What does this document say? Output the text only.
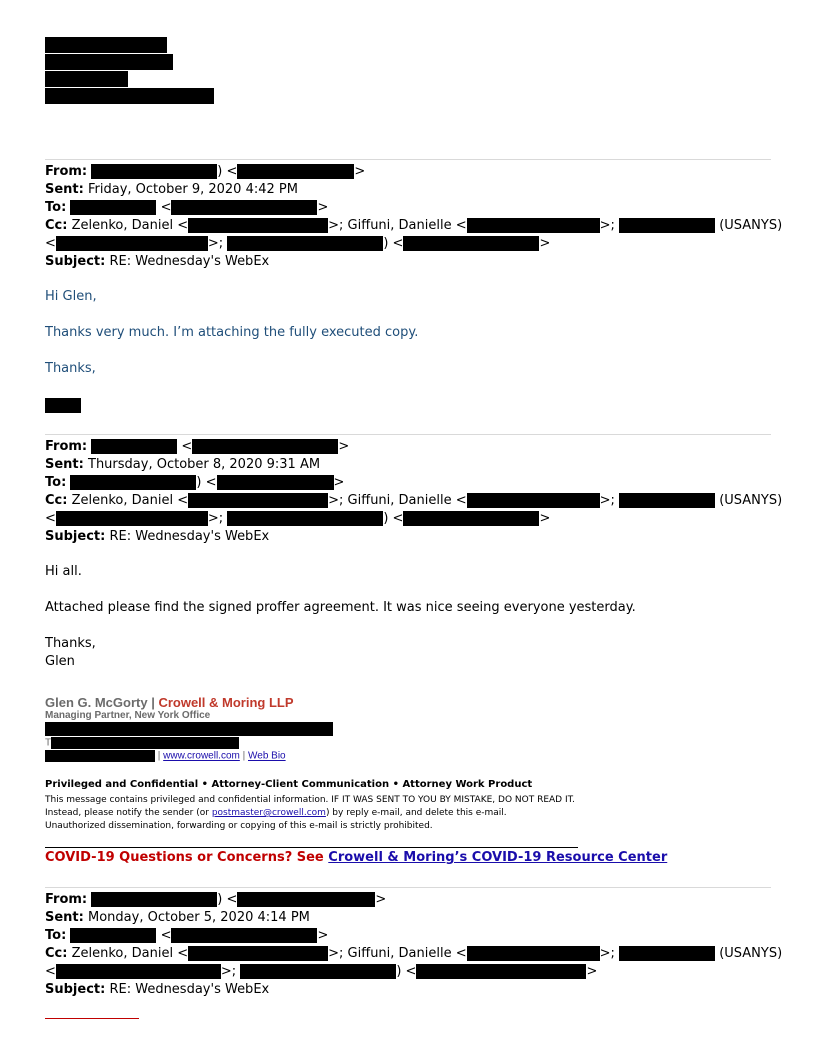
From:	) <	>
Sent: Friday, October 9, 2020 4:42 PM
To:	<	>
Cc: Zelenko, Daniel <	>; Giffuni, Danielle <	>;	(USANYS)
<	>;	) <	>
Subject: RE: Wednesday's WebEx
Hi Glen,
Thanks very much. I’m attaching the fully executed copy.
Thanks,
From:	<	>
Sent: Thursday, October 8, 2020 9:31 AM
To:	) <	>
Cc: Zelenko, Daniel <	>; Giffuni, Danielle <	>;	(USANYS)
<	>;	) <	>
Subject: RE: Wednesday's WebEx
Hi all.
Attached please find the signed proffer agreement. It was nice seeing everyone yesterday.
Thanks,
Glen
Glen G. McGorty | Crowell & Moring LLP
Managing Partner, New York Office
T
| www.crowell.com | Web Bio
Privileged and Confidential • Attorney-Client Communication • Attorney Work Product
This message contains privileged and confidential information. IF IT WAS SENT TO YOU BY MISTAKE, DO NOT READ IT.
Instead, please notify the sender (or postmaster@crowell.com) by reply e-mail, and delete this e-mail.
Unauthorized dissemination, forwarding or copying of this e-mail is strictly prohibited.
COVID-19 Questions or Concerns? See Crowell & Moring’s COVID-19 Resource Center
From:	) <	>
Sent: Monday, October 5, 2020 4:14 PM
To:	<	>
Cc: Zelenko, Daniel <	>; Giffuni, Danielle <	>;	(USANYS)
<	>;	) <	>
Subject: RE: Wednesday's WebEx
